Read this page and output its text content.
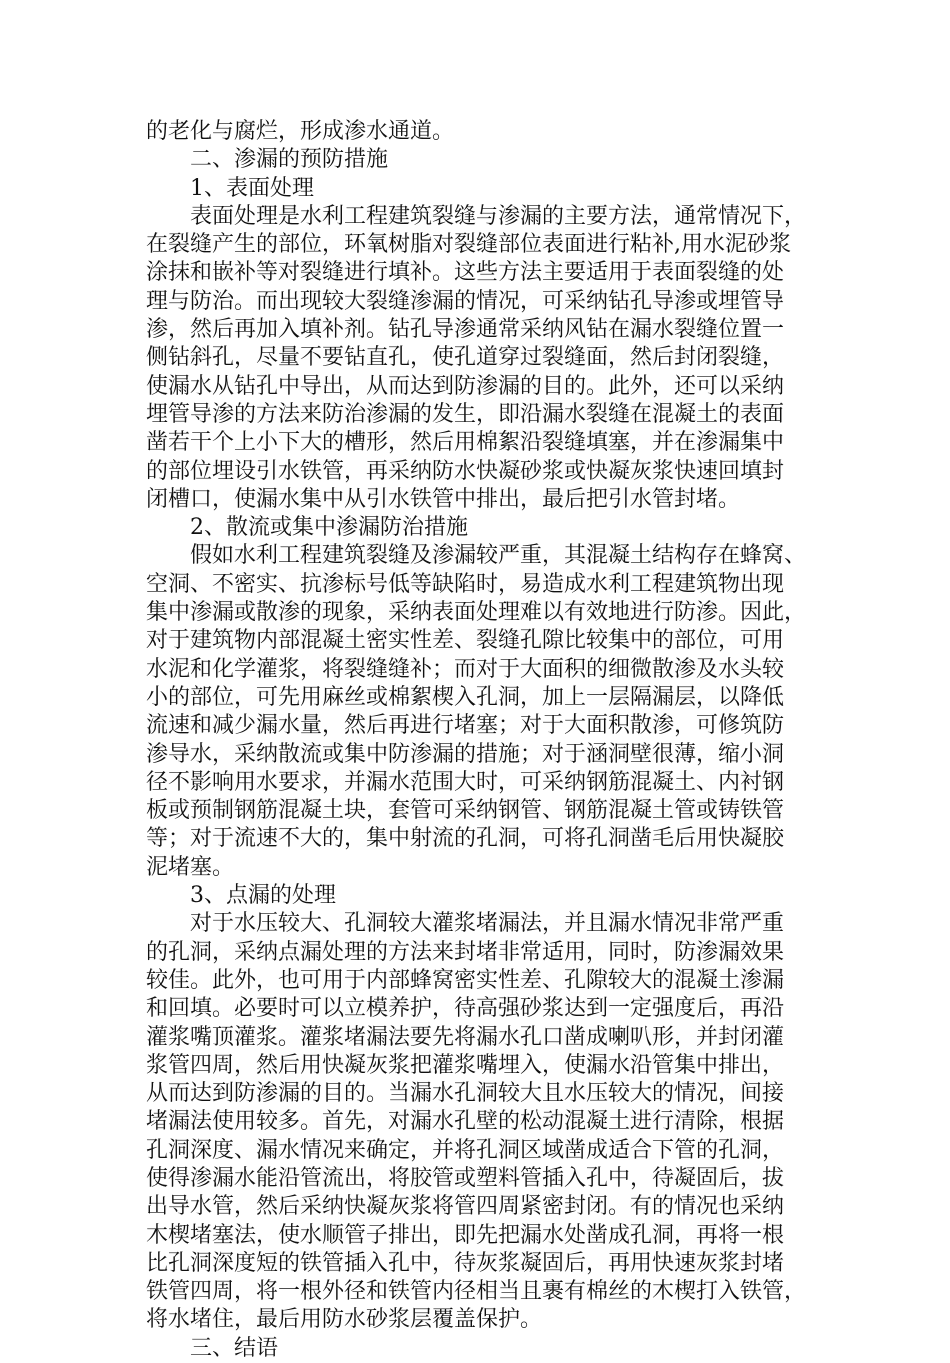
的老化与腐烂，形成渗水通道。
二、渗漏的预防措施
1、表面处理
表面处理是水利工程建筑裂缝与渗漏的主要方法，通常情况下，
在裂缝产生的部位，环氧树脂对裂缝部位表面进行粘补,用水泥砂浆
涂抹和嵌补等对裂缝进行填补。这些方法主要适用于表面裂缝的处
理与防治。而出现较大裂缝渗漏的情况，可采纳钻孔导渗或埋管导
渗，然后再加入填补剂。钻孔导渗通常采纳风钻在漏水裂缝位置一
侧钻斜孔，尽量不要钻直孔，使孔道穿过裂缝面，然后封闭裂缝，
使漏水从钻孔中导出，从而达到防渗漏的目的。此外，还可以采纳
埋管导渗的方法来防治渗漏的发生，即沿漏水裂缝在混凝土的表面
凿若干个上小下大的槽形，然后用棉絮沿裂缝填塞，并在渗漏集中
的部位埋设引水铁管，再采纳防水快凝砂浆或快凝灰浆快速回填封
闭槽口，使漏水集中从引水铁管中排出，最后把引水管封堵。
2、散流或集中渗漏防治措施
假如水利工程建筑裂缝及渗漏较严重，其混凝土结构存在蜂窝、
空洞、不密实、抗渗标号低等缺陷时，易造成水利工程建筑物出现
集中渗漏或散渗的现象，采纳表面处理难以有效地进行防渗。因此，
对于建筑物内部混凝土密实性差、裂缝孔隙比较集中的部位，可用
水泥和化学灌浆，将裂缝缝补；而对于大面积的细微散渗及水头较
小的部位，可先用麻丝或棉絮楔入孔洞，加上一层隔漏层，以降低
流速和减少漏水量，然后再进行堵塞；对于大面积散渗，可修筑防
渗导水，采纳散流或集中防渗漏的措施；对于涵洞壁很薄，缩小洞
径不影响用水要求，并漏水范围大时，可采纳钢筋混凝土、内衬钢
板或预制钢筋混凝土块，套管可采纳钢管、钢筋混凝土管或铸铁管
等；对于流速不大的，集中射流的孔洞，可将孔洞凿毛后用快凝胶
泥堵塞。
3、点漏的处理
对于水压较大、孔洞较大灌浆堵漏法，并且漏水情况非常严重
的孔洞，采纳点漏处理的方法来封堵非常适用，同时，防渗漏效果
较佳。此外，也可用于内部蜂窝密实性差、孔隙较大的混凝土渗漏
和回填。必要时可以立模养护，待高强砂浆达到一定强度后，再沿
灌浆嘴顶灌浆。灌浆堵漏法要先将漏水孔口凿成喇叭形，并封闭灌
浆管四周，然后用快凝灰浆把灌浆嘴埋入，使漏水沿管集中排出，
从而达到防渗漏的目的。当漏水孔洞较大且水压较大的情况，间接
堵漏法使用较多。首先，对漏水孔壁的松动混凝土进行清除，根据
孔洞深度、漏水情况来确定，并将孔洞区域凿成适合下管的孔洞，
使得渗漏水能沿管流出，将胶管或塑料管插入孔中，待凝固后，拔
出导水管，然后采纳快凝灰浆将管四周紧密封闭。有的情况也采纳
木楔堵塞法，使水顺管子排出，即先把漏水处凿成孔洞，再将一根
比孔洞深度短的铁管插入孔中，待灰浆凝固后，再用快速灰浆封堵
铁管四周，将一根外径和铁管内径相当且裹有棉丝的木楔打入铁管，
将水堵住，最后用防水砂浆层覆盖保护。
三、结语
